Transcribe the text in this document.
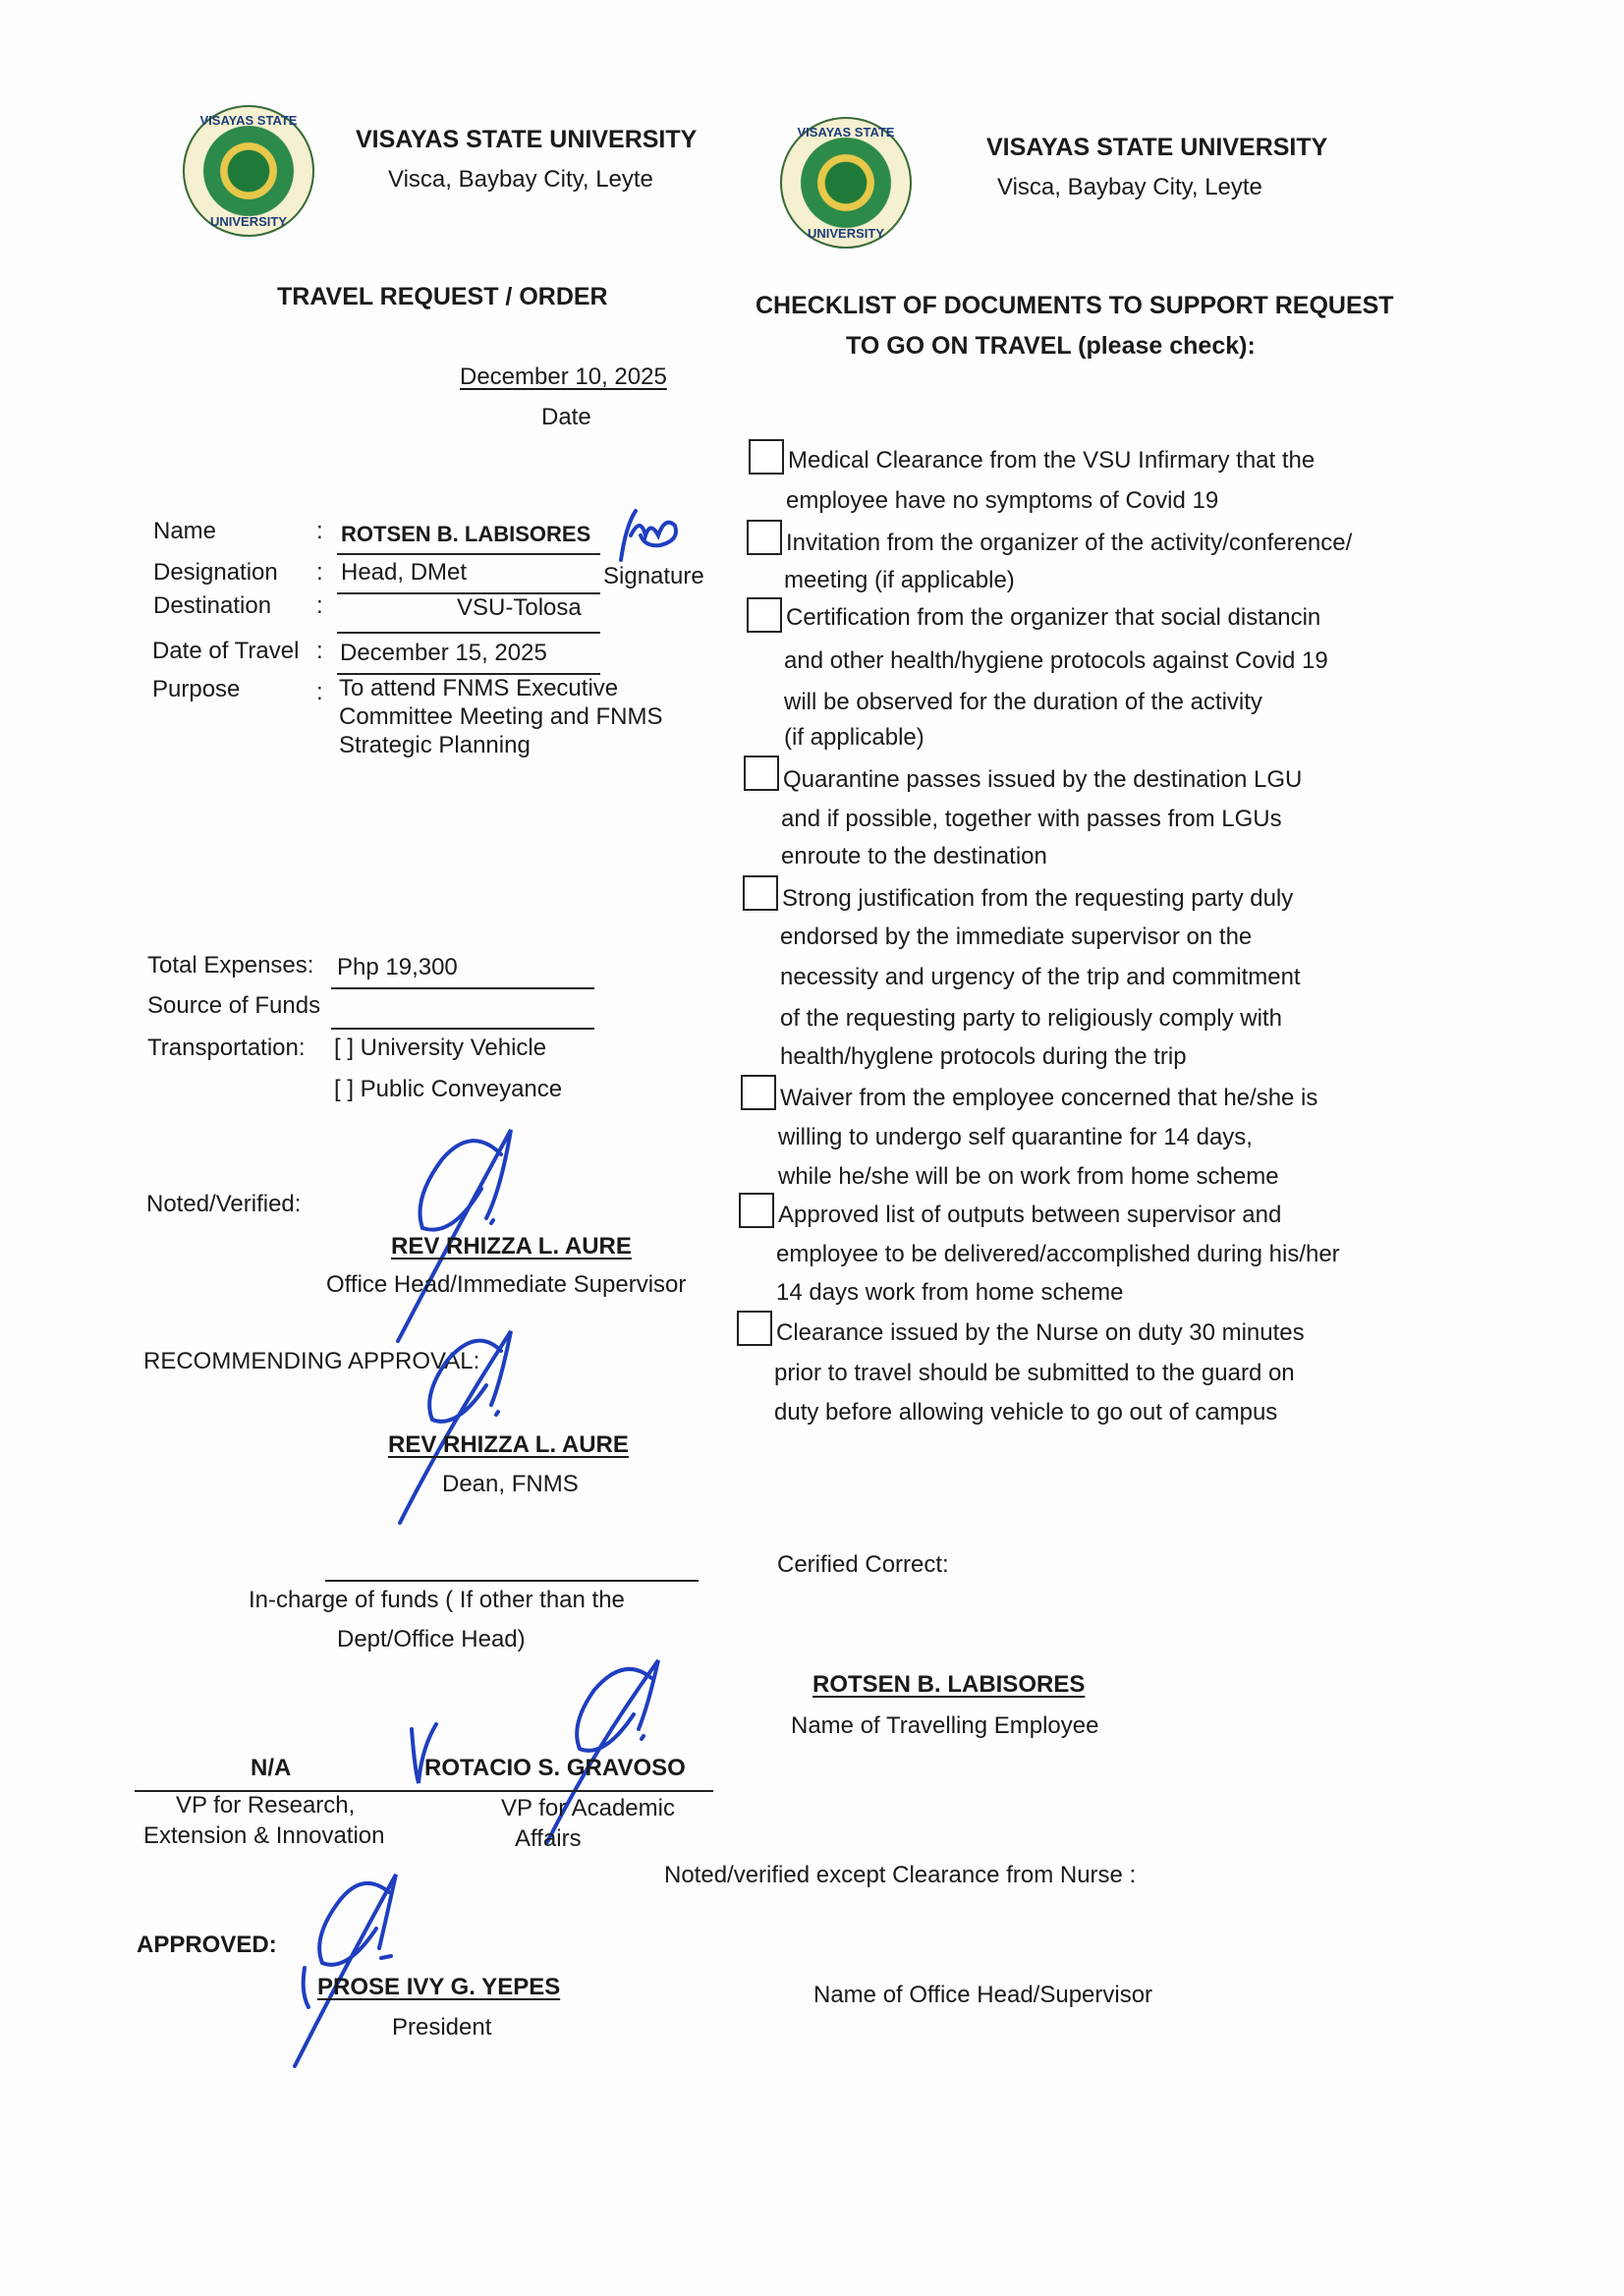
VISAYAS STATE
UNIVERSITY
VISAYAS STATE UNIVERSITY
Visca, Baybay City, Leyte
VISAYAS STATE
UNIVERSITY
VISAYAS STATE UNIVERSITY
Visca, Baybay City, Leyte
TRAVEL REQUEST / ORDER
December 10, 2025
Date
Name	: ROTSEN B. LABISORES
Signature
Designation : Head, DMet
Destination :	VSU-Tolosa
Date of Travel : December 15, 2025
Purpose	: To attend FNMS Executive
Committee Meeting and FNMS
Strategic Planning
Total Expenses: Php 19,300
Source of Funds
Transportation: [ ] University Vehicle
[ ] Public Conveyance
Noted/Verified:
REV RHIZZA L. AURE
Office Head/Immediate Supervisor
RECOMMENDING APPROVAL:
REV RHIZZA L. AURE
Dean, FNMS
In-charge of funds ( If other than the
Dept/Office Head)
N/A	ROTACIO S. GRAVOSO
VP for Research,
Extension & Innovation
VP for Academic
Affairs
APPROVED:
PROSE IVY G. YEPES
President
CHECKLIST OF DOCUMENTS TO SUPPORT REQUEST
TO GO ON TRAVEL (please check):
Medical Clearance from the VSU Infirmary that the
employee have no symptoms of Covid 19
Invitation from the organizer of the activity/conference/
meeting (if applicable)
Certification from the organizer that social distancin
and other health/hygiene protocols against Covid 19
will be observed for the duration of the activity
(if applicable)
Quarantine passes issued by the destination LGU
and if possible, together with passes from LGUs
enroute to the destination
Strong justification from the requesting party duly
endorsed by the immediate supervisor on the
necessity and urgency of the trip and commitment
of the requesting party to religiously comply with
health/hyglene protocols during the trip
Waiver from the employee concerned that he/she is
willing to undergo self quarantine for 14 days,
while he/she will be on work from home scheme
Approved list of outputs between supervisor and
employee to be delivered/accomplished during his/her
14 days work from home scheme
Clearance issued by the Nurse on duty 30 minutes
prior to travel should be submitted to the guard on
duty before allowing vehicle to go out of campus
Cerified Correct:
ROTSEN B. LABISORES
Name of Travelling Employee
Noted/verified except Clearance from Nurse :
Name of Office Head/Supervisor
